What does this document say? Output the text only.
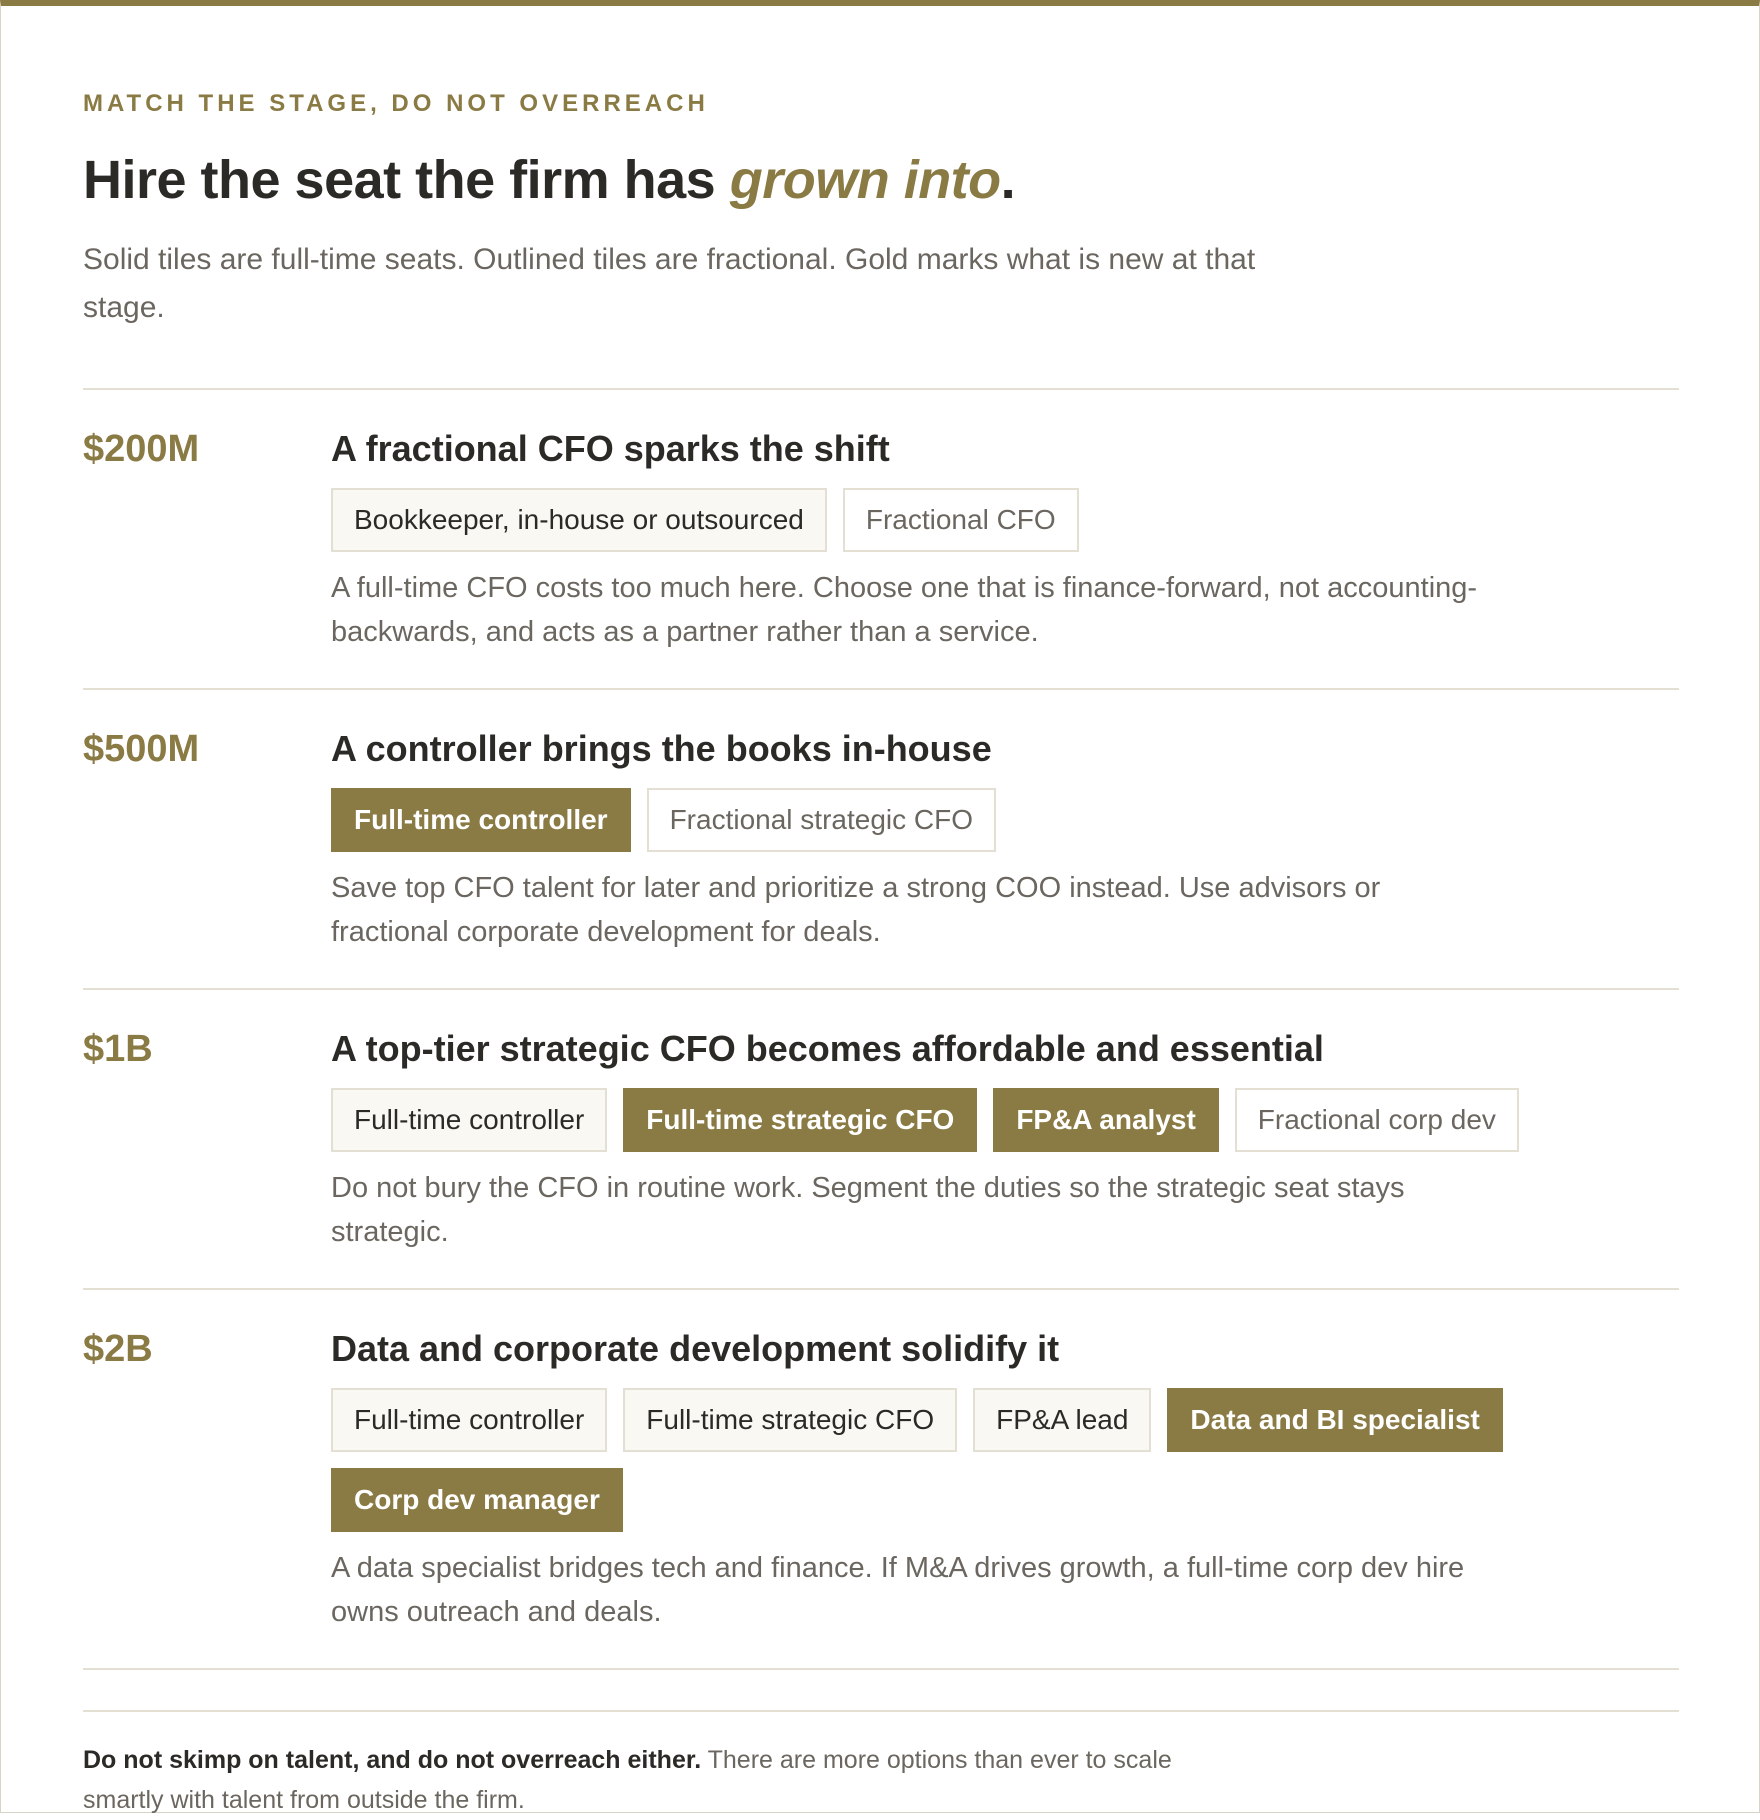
MATCH THE STAGE, DO NOT OVERREACH

Hire the seat the firm has grown into.

Solid tiles are full-time seats. Outlined tiles are fractional. Gold marks what is new at that stage.

$200M	A fractional CFO sparks the shift
Bookkeeper, in-house or outsourced	Fractional CFO

A full-time CFO costs too much here. Choose one that is finance-forward, not accounting-backwards, and acts as a partner rather than a service.

$500M	A controller brings the books in-house
Full-time controller	Fractional strategic CFO

Save top CFO talent for later and prioritize a strong COO instead. Use advisors or fractional corporate development for deals.

$1B	A top-tier strategic CFO becomes affordable and essential
Full-time controller	Full-time strategic CFO	FP&A analyst	Fractional corp dev

Do not bury the CFO in routine work. Segment the duties so the strategic seat stays strategic.

$2B	Data and corporate development solidify it
Full-time controller	Full-time strategic CFO	FP&A lead	Data and BI specialist
Corp dev manager

A data specialist bridges tech and finance. If M&A drives growth, a full-time corp dev hire owns outreach and deals.

Do not skimp on talent, and do not overreach either. There are more options than ever to scale smartly with talent from outside the firm.
